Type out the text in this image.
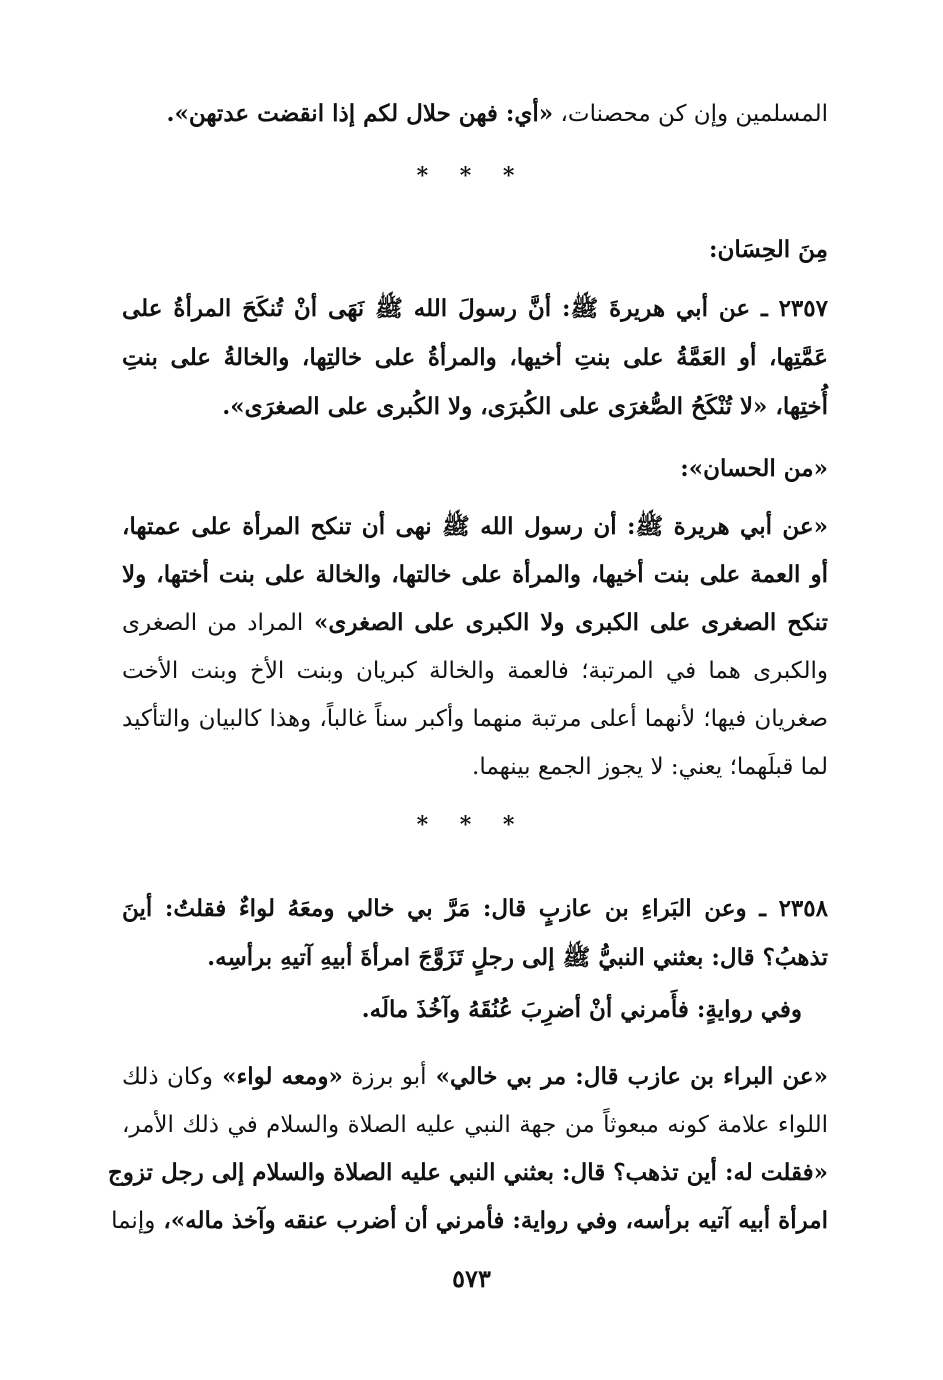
المسلمين وإن كن محصنات، «أي: فهن حلال لكم إذا انقضت عدتهن».
* * *
مِنَ الحِسَان:
٢٣٥٧ ـ عن أبي هريرةَ ﷺ: أنَّ رسولَ الله ﷺ نَهَى أنْ تُنكَحَ المرأةُ على
عَمَّتِها، أو العَمَّةُ على بنتِ أخيها، والمرأةُ على خالتِها، والخالةُ على بنتِ
أُختِها، «لا تُنْكَحُ الصُّغرَى على الكُبرَى، ولا الكُبرى على الصغرَى».
«من الحسان»:
«عن أبي هريرة ﷺ: أن رسول الله ﷺ نهى أن تنكح المرأة على عمتها،
أو العمة على بنت أخيها، والمرأة على خالتها، والخالة على بنت أختها، ولا
تنكح الصغرى على الكبرى ولا الكبرى على الصغرى» المراد من الصغرى
والكبرى هما في المرتبة؛ فالعمة والخالة كبريان وبنت الأخ وبنت الأخت
صغريان فيها؛ لأنهما أعلى مرتبة منهما وأكبر سناً غالباً، وهذا كالبيان والتأكيد
لما قبلَهما؛ يعني: لا يجوز الجمع بينهما.
* * *
٢٣٥٨ ـ وعن البَراءِ بن عازبٍ قال: مَرَّ بي خالي ومعَهُ لواءٌ فقلتُ: أينَ
تذهبُ؟ قال: بعثني النبيُّ ﷺ إلى رجلٍ تَزَوَّجَ امرأةَ أبيهِ آتيهِ برأسِه.
وفي روايةٍ: فأَمرني أنْ أضرِبَ عُنُقَهُ وآخُذَ مالَه.
«عن البراء بن عازب قال: مر بي خالي» أبو برزة «ومعه لواء» وكان ذلك
اللواء علامة كونه مبعوثاً من جهة النبي عليه الصلاة والسلام في ذلك الأمر،
«فقلت له: أين تذهب؟ قال: بعثني النبي عليه الصلاة والسلام إلى رجل تزوج
امرأة أبيه آتيه برأسه، وفي رواية: فأمرني أن أضرب عنقه وآخذ ماله»، وإنما
٥٧٣
